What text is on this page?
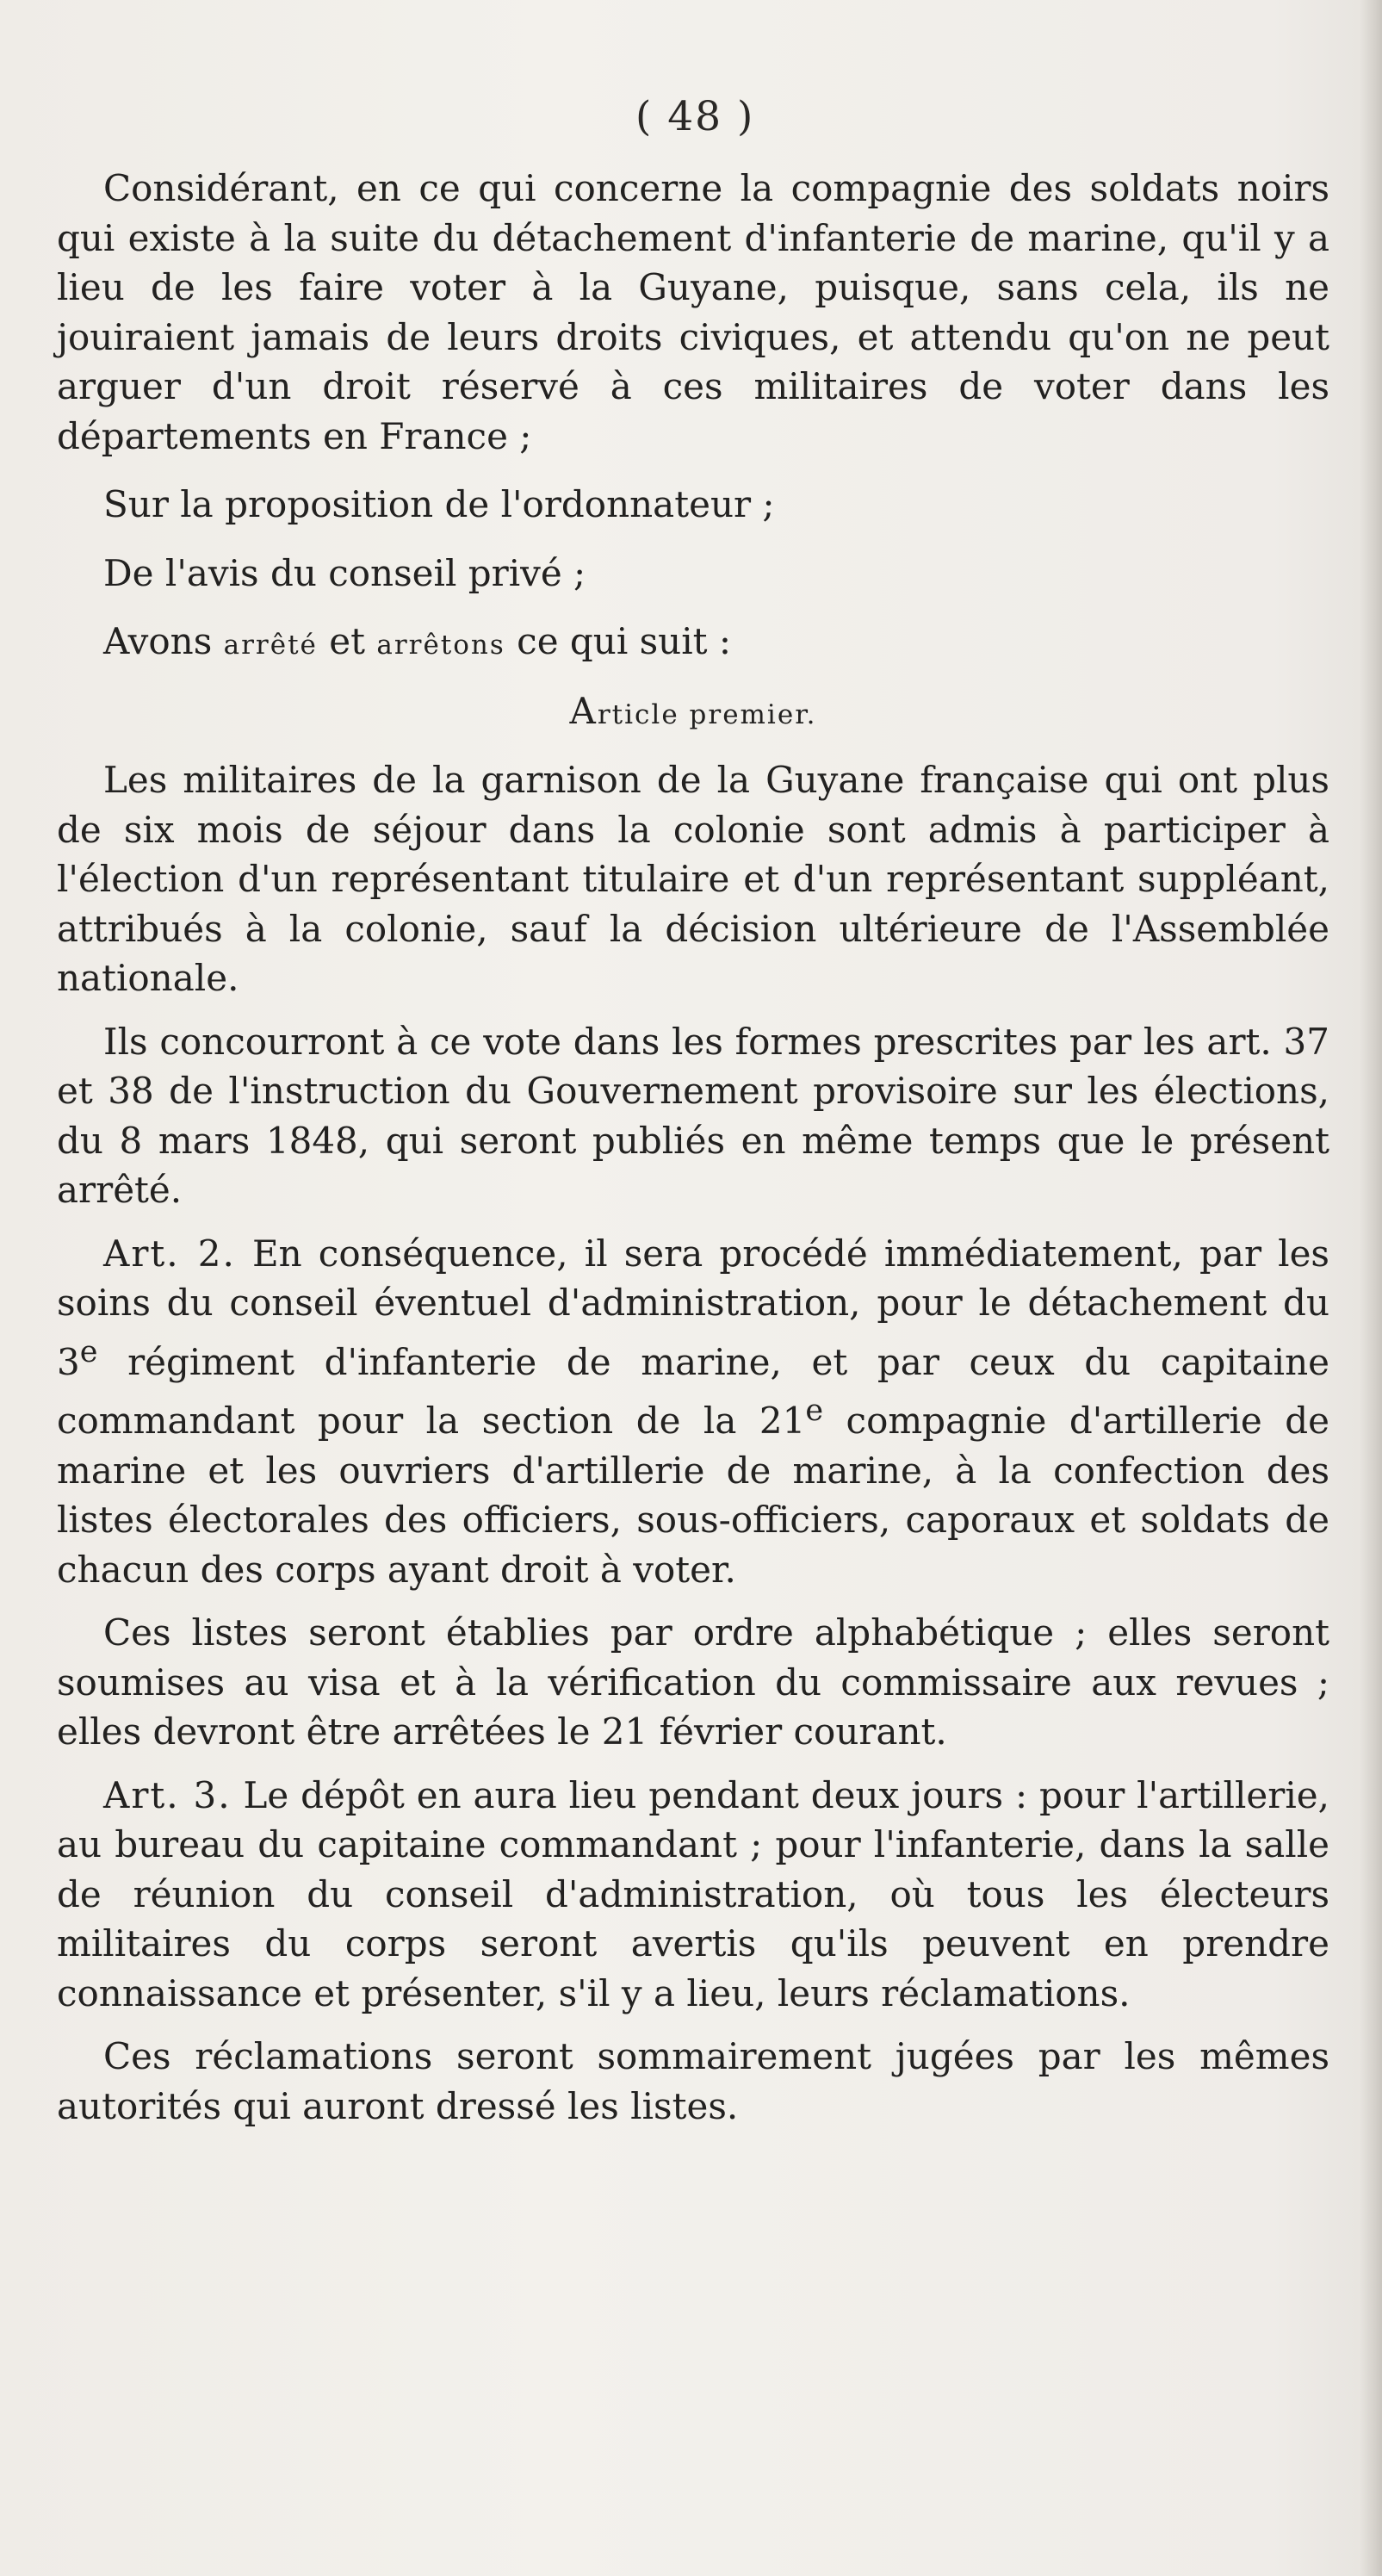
( 48 )

Considérant, en ce qui concerne la compagnie des soldats noirs qui existe à la suite du détachement d'infanterie de marine, qu'il y a lieu de les faire voter à la Guyane, puisque, sans cela, ils ne jouiraient jamais de leurs droits civiques, et attendu qu'on ne peut arguer d'un droit réservé à ces militaires de voter dans les départements en France ;

Sur la proposition de l'ordonnateur ;

De l'avis du conseil privé ;

Avons arrêté et arrêtons ce qui suit :

Article premier.

Les militaires de la garnison de la Guyane française qui ont plus de six mois de séjour dans la colonie sont admis à participer à l'élection d'un représentant titulaire et d'un représentant suppléant, attribués à la colonie, sauf la décision ultérieure de l'Assemblée nationale.

Ils concourront à ce vote dans les formes prescrites par les art. 37 et 38 de l'instruction du Gouvernement provisoire sur les élections, du 8 mars 1848, qui seront publiés en même temps que le présent arrêté.

Art. 2. En conséquence, il sera procédé immédiatement, par les soins du conseil éventuel d'administration, pour le détachement du 3e régiment d'infanterie de marine, et par ceux du capitaine commandant pour la section de la 21e compagnie d'artillerie de marine et les ouvriers d'artillerie de marine, à la confection des listes électorales des officiers, sous-officiers, caporaux et soldats de chacun des corps ayant droit à voter.

Ces listes seront établies par ordre alphabétique ; elles seront soumises au visa et à la vérification du commissaire aux revues ; elles devront être arrêtées le 21 février courant.

Art. 3. Le dépôt en aura lieu pendant deux jours : pour l'artillerie, au bureau du capitaine commandant ; pour l'infanterie, dans la salle de réunion du conseil d'administration, où tous les électeurs militaires du corps seront avertis qu'ils peuvent en prendre connaissance et présenter, s'il y a lieu, leurs réclamations.

Ces réclamations seront sommairement jugées par les mêmes autorités qui auront dressé les listes.
